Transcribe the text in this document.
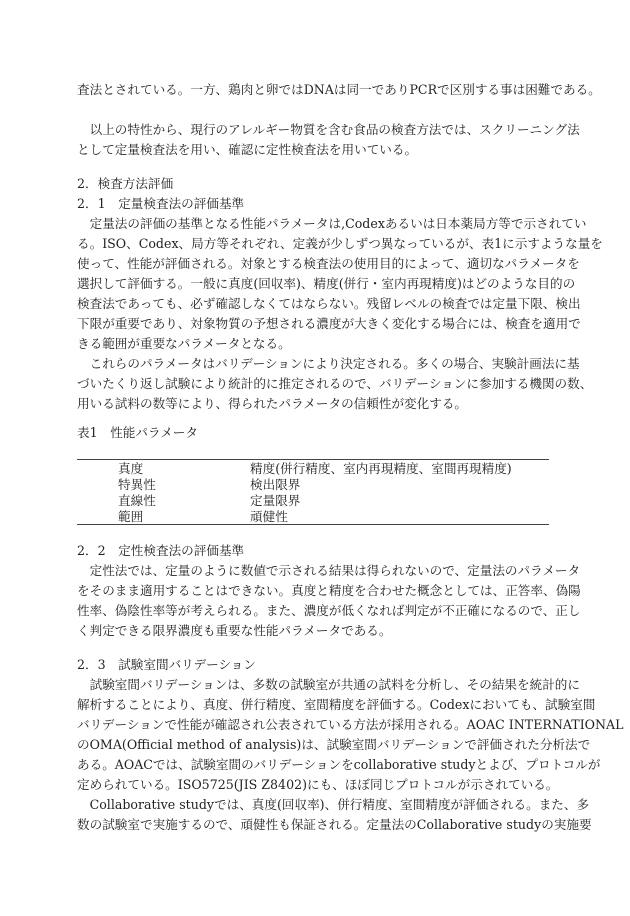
査法とされている。一方、鶏肉と卵ではDNAは同一でありPCRで区別する事は困難である。
　以上の特性から、現行のアレルギー物質を含む食品の検査方法では、スクリーニング法
として定量検査法を用い、確認に定性検査法を用いている。
2．検査方法評価
2．1　定量検査法の評価基準
　定量法の評価の基準となる性能パラメータは,Codexあるいは日本薬局方等で示されてい
る。ISO、Codex、局方等それぞれ、定義が少しずつ異なっているが、表1に示すような量を
使って、性能が評価される。対象とする検査法の使用目的によって、適切なパラメータを
選択して評価する。一般に真度(回収率)、精度(併行・室内再現精度)はどのような目的の
検査法であっても、必ず確認しなくてはならない。残留レベルの検査では定量下限、検出
下限が重要であり、対象物質の予想される濃度が大きく変化する場合には、検査を適用で
きる範囲が重要なパラメータとなる。
　これらのパラメータはバリデーションにより決定される。多くの場合、実験計画法に基
づいたくり返し試験により統計的に推定されるので、バリデーションに参加する機関の数、
用いる試料の数等により、得られたパラメータの信頼性が変化する。
表1　性能パラメータ
真度	精度(併行精度、室内再現精度、室間再現精度)
特異性	検出限界
直線性	定量限界
範囲	頑健性
2．2　定性検査法の評価基準
　定性法では、定量のように数値で示される結果は得られないので、定量法のパラメータ
をそのまま適用することはできない。真度と精度を合わせた概念としては、正答率、偽陽
性率、偽陰性率等が考えられる。また、濃度が低くなれば判定が不正確になるので、正し
く判定できる限界濃度も重要な性能パラメータである。
2．3　試験室間バリデーション
　試験室間バリデーションは、多数の試験室が共通の試料を分析し、その結果を統計的に
解析することにより、真度、併行精度、室間精度を評価する。Codexにおいても、試験室間
バリデーションで性能が確認され公表されている方法が採用される。AOAC INTERNATIONAL
のOMA(Official method of analysis)は、試験室間バリデーションで評価された分析法で
ある。AOACでは、試験室間のバリデーションをcollaborative studyとよび、プロトコルが
定められている。ISO5725(JIS Z8402)にも、ほぼ同じプロトコルが示されている。
　Collaborative studyでは、真度(回収率)、併行精度、室間精度が評価される。また、多
数の試験室で実施するので、頑健性も保証される。定量法のCollaborative studyの実施要
